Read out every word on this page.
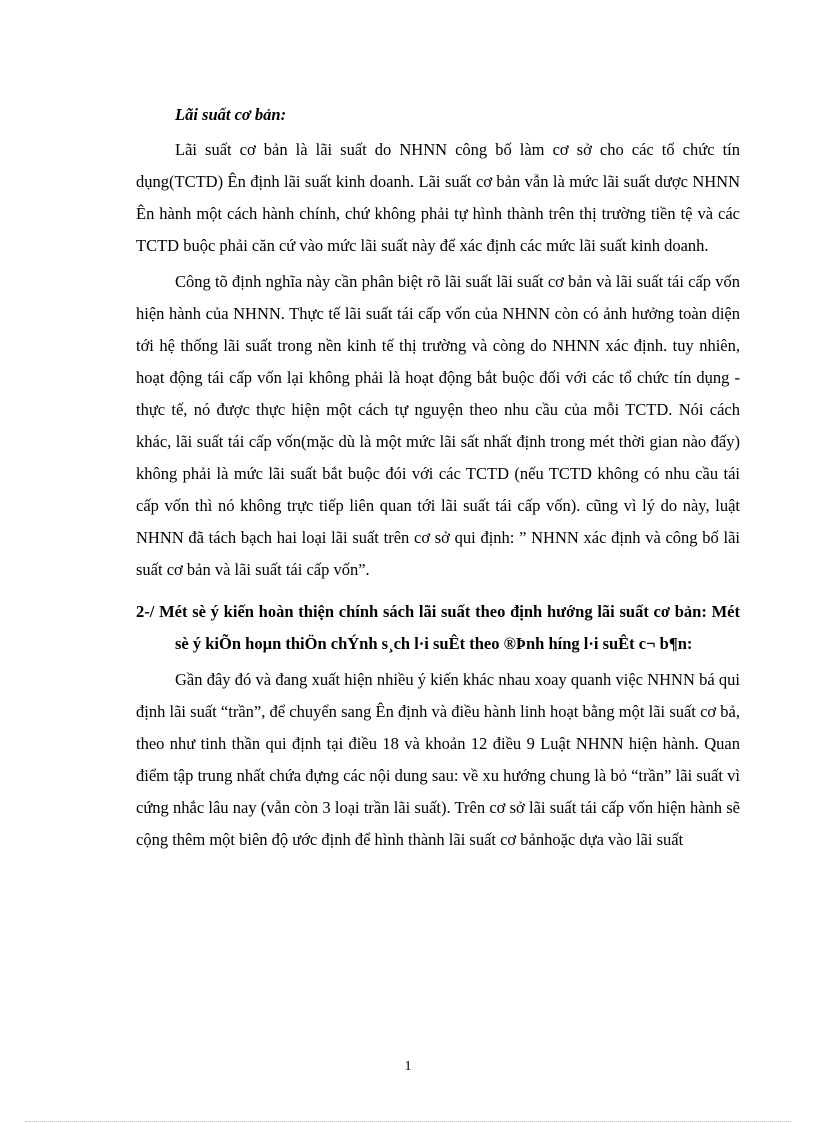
Lãi suất cơ bản:

Lãi suất cơ bản là lãi suất do NHNN công bố làm cơ sở cho các tổ chức tín dụng(TCTD) Ên định lãi suất kinh doanh. Lãi suất cơ bản vẫn là mức lãi suất dược NHNN Ên hành một cách hành chính, chứ không phải tự hình thành trên thị trường tiền tệ và các TCTD buộc phải căn cứ vào mức lãi suất này để xác định các mức lãi suất kinh doanh.

Công tõ định nghĩa này cần phân biệt rõ lãi suất lãi suất cơ bản và lãi suất tái cấp vốn hiện hành của NHNN. Thực tế lãi suất tái cấp vốn của NHNN còn có ảnh hưởng toàn diện tới hệ thống lãi suất trong nền kinh tế thị trường và còng do NHNN xác định. tuy nhiên, hoạt động tái cấp vốn lại không phải là hoạt động bắt buộc đối với các tổ chức tín dụng - thực tế, nó được thực hiện một cách tự nguyện theo nhu cầu của mỗi TCTD. Nói cách khác, lãi suất tái cấp vốn(mặc dù là một mức lãi sất nhất định trong mét thời gian nào đấy) không phải là mức lãi suất bắt buộc đói với các TCTD (nếu TCTD không có nhu cầu tái cấp vốn thì nó không trực tiếp liên quan tới lãi suất tái cấp vốn). cũng vì lý do này, luật NHNN đã tách bạch hai loại lãi suất trên cơ sở qui định: ” NHNN xác định và công bố lãi suất cơ bản và lãi suất tái cấp vốn”.

2-/ Mét sè ý kiến hoàn thiện chính sách lãi suất theo định hướng lãi suất cơ bản: Mét sè ý kiÕn hoµn thiÖn chÝnh s¸ch l·i suÊt theo ®Þnh híng l·i suÊt c¬ b¶n:

Gần đây đó và đang xuất hiện nhiều ý kiến khác nhau xoay quanh việc NHNN bá qui định lãi suất “trần”, để chuyển sang Ên định và điều hành linh hoạt bằng một lãi suất cơ bả, theo như tinh thần qui định tại điều 18 và khoản 12 điều 9 Luật NHNN hiện hành. Quan điểm tập trung nhất chứa đựng các nội dung sau: về xu hướng chung là bỏ “trần” lãi suất vì cứng nhắc lâu nay (vẫn còn 3 loại trần lãi suất). Trên cơ sở lãi suất tái cấp vốn hiện hành sẽ cộng thêm một biên độ ước định để hình thành lãi suất cơ bảnhoặc dựa vào lãi suất

1
